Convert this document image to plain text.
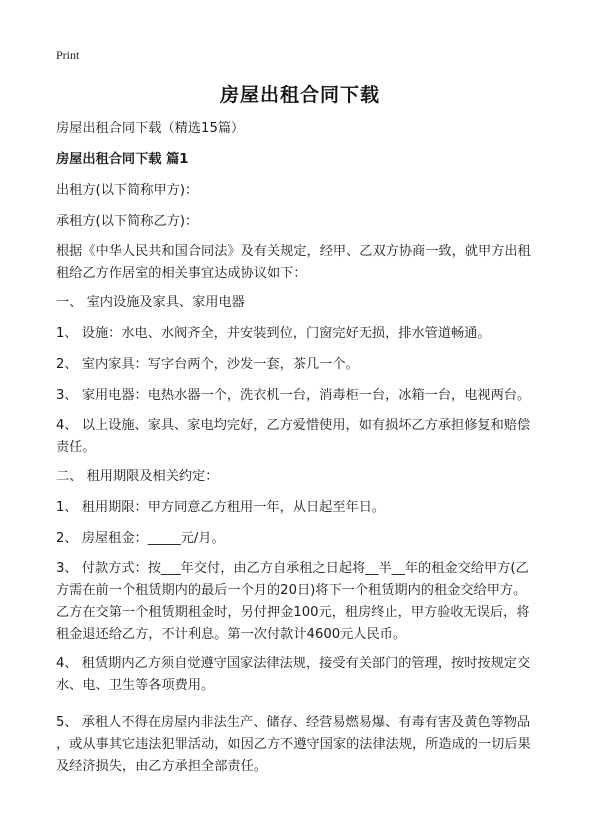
Print
房屋出租合同下载
房屋出租合同下载（精选15篇）
房屋出租合同下载 篇1
出租方(以下简称甲方)：
承租方(以下简称乙方)：
根据《中华人民共和国合同法》及有关规定，经甲、乙双方协商一致，就甲方出租
租给乙方作居室的相关事宜达成协议如下：
一、 室内设施及家具、家用电器
1、 设施：水电、水阀齐全，并安装到位，门窗完好无损，排水管道畅通。
2、 室内家具：写字台两个，沙发一套，茶几一个。
3、 家用电器：电热水器一个，洗衣机一台，消毒柜一台，冰箱一台，电视两台。
4、 以上设施、家具、家电均完好，乙方爱惜使用，如有损坏乙方承担修复和赔偿
责任。
二、 租用期限及相关约定：
1、 租用期限：甲方同意乙方租用一年，从日起至年日。
2、 房屋租金：_____元/月。
3、 付款方式：按___年交付，由乙方自承租之日起将__半__年的租金交给甲方(乙
方需在前一个租赁期内的最后一个月的20日)将下一个租赁期内的租金交给甲方。
乙方在交第一个租赁期租金时，另付押金100元，租房终止，甲方验收无误后，将
租金退还给乙方，不计利息。第一次付款计4600元人民币。
4、 租赁期内乙方须自觉遵守国家法律法规，接受有关部门的管理，按时按规定交
水、电、卫生等各项费用。
5、 承租人不得在房屋内非法生产、储存、经营易燃易爆、有毒有害及黄色等物品
，或从事其它违法犯罪活动，如因乙方不遵守国家的法律法规，所造成的一切后果
及经济损失，由乙方承担全部责任。
